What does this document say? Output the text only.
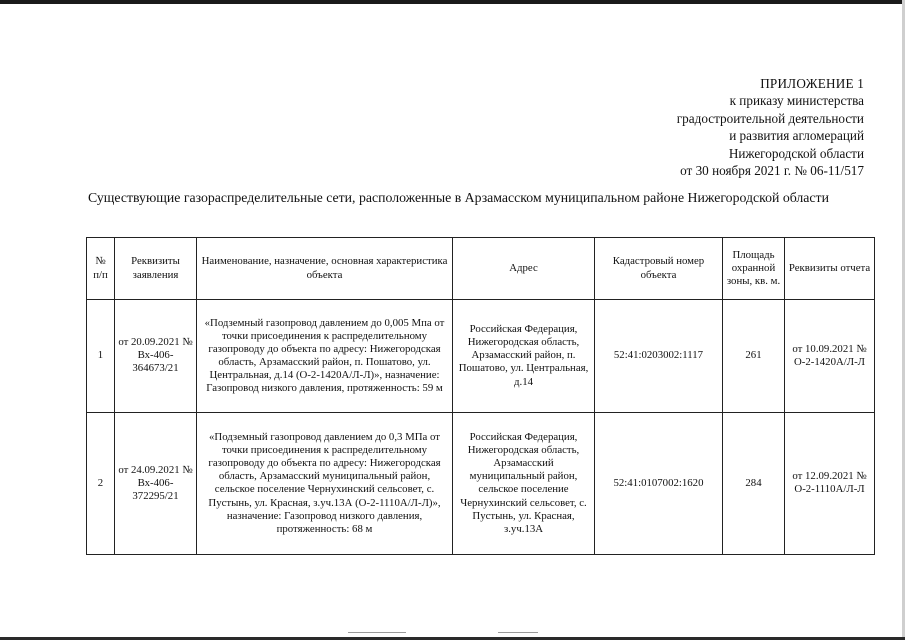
ПРИЛОЖЕНИЕ 1
к приказу министерства
градостроительной деятельности
и развития агломераций
Нижегородской области
от 30 ноября 2021 г. № 06-11/517
Существующие газораспределительные сети, расположенные в Арзамасском муниципальном районе Нижегородской области
№ п/п	Реквизиты заявления	Наименование, назначение, основная характеристика объекта	Адрес	Кадастровый номер объекта	Площадь охранной зоны, кв. м.	Реквизиты отчета
1	от 20.09.2021 № Вх-406-364673/21	«Подземный газопровод давлением до 0,005 Мпа от точки присоединения к распределительному газопроводу до объекта по адресу: Нижегородская область, Арзамасский район, п. Пошатово, ул. Центральная, д.14 (О-2-1420А/Л-Л)», назначение: Газопровод низкого давления, протяженность: 59 м	Российская Федерация, Нижегородская область, Арзамасский район, п. Пошатово, ул. Центральная, д.14	52:41:0203002:1117	261	от 10.09.2021 № О-2-1420А/Л-Л
2	от 24.09.2021 № Вх-406-372295/21	«Подземный газопровод давлением до 0,3 МПа от точки присоединения к распределительному газопроводу до объекта по адресу: Нижегородская область, Арзамасский муниципальный район, сельское поселение Чернухинский сельсовет, с. Пустынь, ул. Красная, з.уч.13А (О-2-1110А/Л-Л)», назначение: Газопровод низкого давления, протяженность: 68 м	Российская Федерация, Нижегородская область, Арзамасский муниципальный район, сельское поселение Чернухинский сельсовет, с. Пустынь, ул. Красная, з.уч.13А	52:41:0107002:1620	284	от 12.09.2021 № О-2-1110А/Л-Л
